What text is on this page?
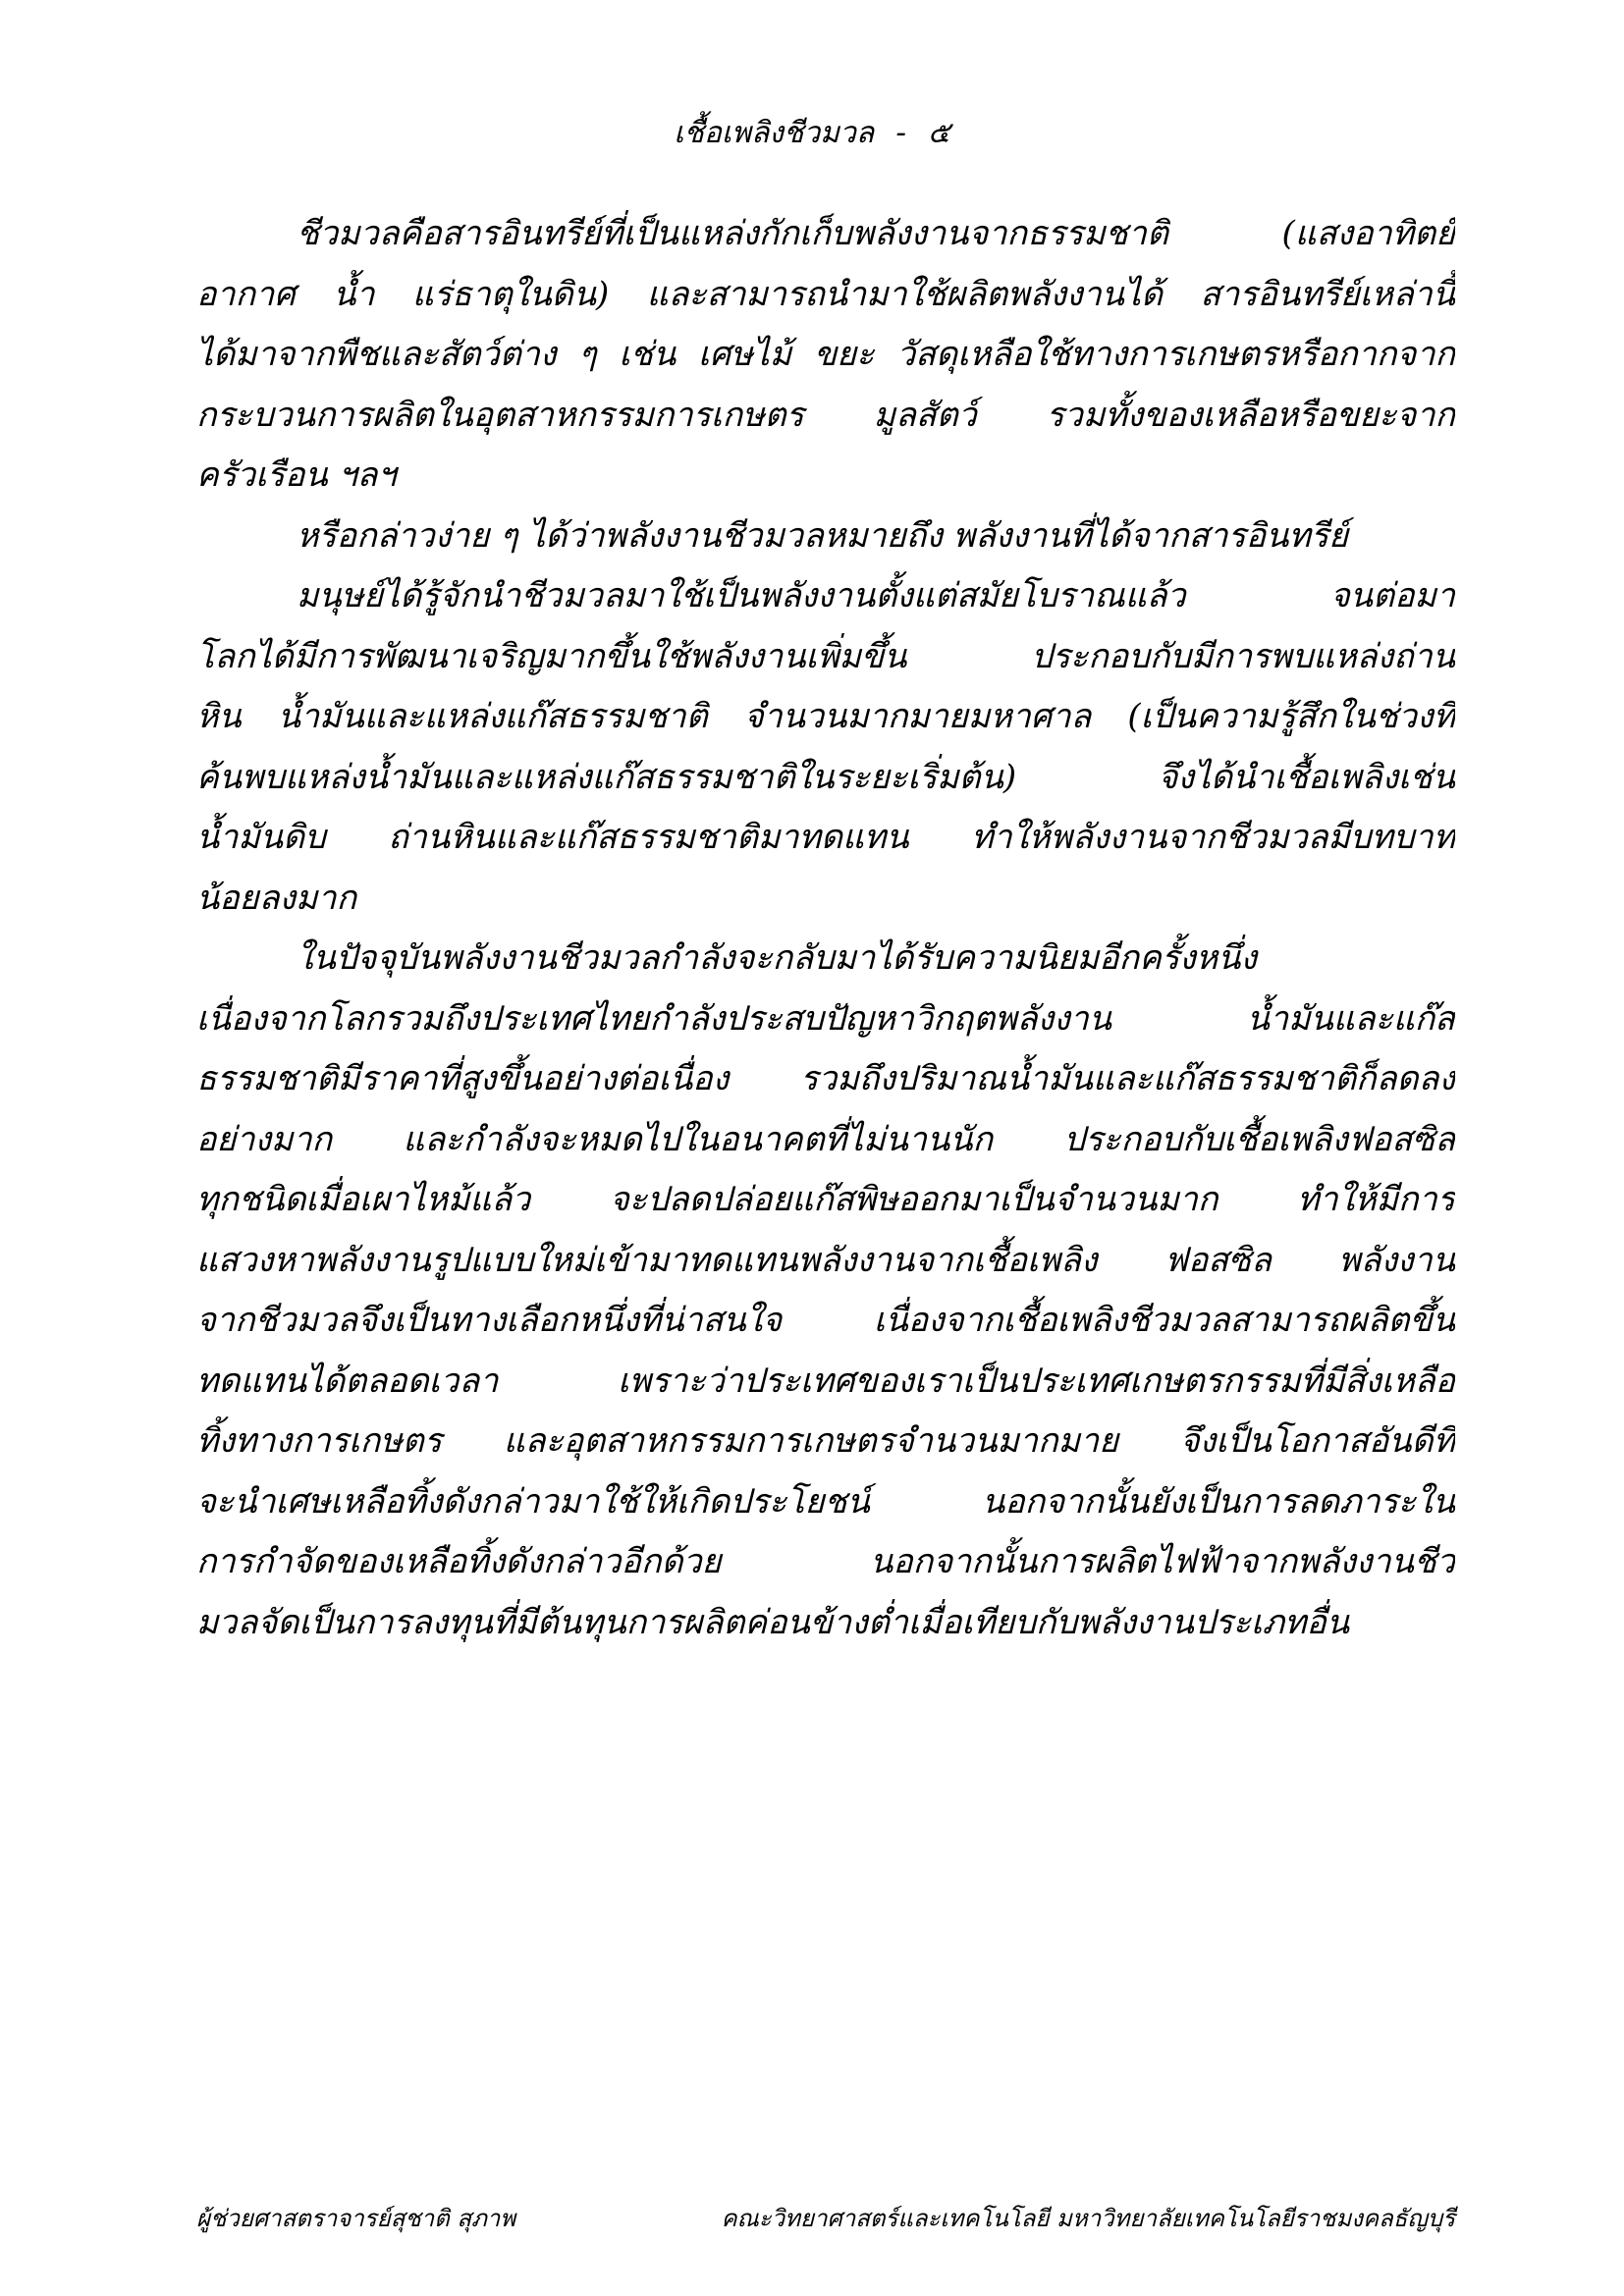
เชื้อเพลิงชีวมวล - ๕
ชีวมวลคือสารอินทรีย์ที่เป็นแหล่งกักเก็บพลังงานจากธรรมชาติ (แสงอาทิตย์
อากาศ น้ำ แร่ธาตุในดิน) และสามารถนำมาใช้ผลิตพลังงานได้ สารอินทรีย์เหล่านี้
ได้มาจากพืชและสัตว์ต่าง ๆ เช่น เศษไม้ ขยะ วัสดุเหลือใช้ทางการเกษตรหรือกากจาก
กระบวนการผลิตในอุตสาหกรรมการเกษตร มูลสัตว์ รวมทั้งของเหลือหรือขยะจาก
ครัวเรือน ฯลฯ
หรือกล่าวง่าย ๆ ได้ว่าพลังงานชีวมวลหมายถึง พลังงานที่ได้จากสารอินทรีย์
มนุษย์ได้รู้จักนำชีวมวลมาใช้เป็นพลังงานตั้งแต่สมัยโบราณแล้ว จนต่อมา
โลกได้มีการพัฒนาเจริญมากขึ้นใช้พลังงานเพิ่มขึ้น ประกอบกับมีการพบแหล่งถ่าน
หิน น้ำมันและแหล่งแก๊สธรรมชาติ จำนวนมากมายมหาศาล (เป็นความรู้สึกในช่วงที่
ค้นพบแหล่งน้ำมันและแหล่งแก๊สธรรมชาติในระยะเริ่มต้น) จึงได้นำเชื้อเพลิงเช่น
น้ำมันดิบ ถ่านหินและแก๊สธรรมชาติมาทดแทน ทำให้พลังงานจากชีวมวลมีบทบาท
น้อยลงมาก
ในปัจจุบันพลังงานชีวมวลกำลังจะกลับมาได้รับความนิยมอีกครั้งหนึ่ง
เนื่องจากโลกรวมถึงประเทศไทยกำลังประสบปัญหาวิกฤตพลังงาน น้ำมันและแก๊ส
ธรรมชาติมีราคาที่สูงขึ้นอย่างต่อเนื่อง รวมถึงปริมาณน้ำมันและแก๊สธรรมชาติก็ลดลง
อย่างมาก และกำลังจะหมดไปในอนาคตที่ไม่นานนัก ประกอบกับเชื้อเพลิงฟอสซิล
ทุกชนิดเมื่อเผาไหม้แล้ว จะปลดปล่อยแก๊สพิษออกมาเป็นจำนวนมาก ทำให้มีการ
แสวงหาพลังงานรูปแบบใหม่เข้ามาทดแทนพลังงานจากเชื้อเพลิง ฟอสซิล พลังงาน
จากชีวมวลจึงเป็นทางเลือกหนึ่งที่น่าสนใจ เนื่องจากเชื้อเพลิงชีวมวลสามารถผลิตขึ้น
ทดแทนได้ตลอดเวลา เพราะว่าประเทศของเราเป็นประเทศเกษตรกรรมที่มีสิ่งเหลือ
ทิ้งทางการเกษตร และอุตสาหกรรมการเกษตรจำนวนมากมาย จึงเป็นโอกาสอันดีที่
จะนำเศษเหลือทิ้งดังกล่าวมาใช้ให้เกิดประโยชน์ นอกจากนั้นยังเป็นการลดภาระใน
การกำจัดของเหลือทิ้งดังกล่าวอีกด้วย นอกจากนั้นการผลิตไฟฟ้าจากพลังงานชีว
มวลจัดเป็นการลงทุนที่มีต้นทุนการผลิตค่อนข้างต่ำเมื่อเทียบกับพลังงานประเภทอื่น
ผู้ช่วยศาสตราจารย์สุชาติ สุภาพ	คณะวิทยาศาสตร์และเทคโนโลยี มหาวิทยาลัยเทคโนโลยีราชมงคลธัญบุรี
